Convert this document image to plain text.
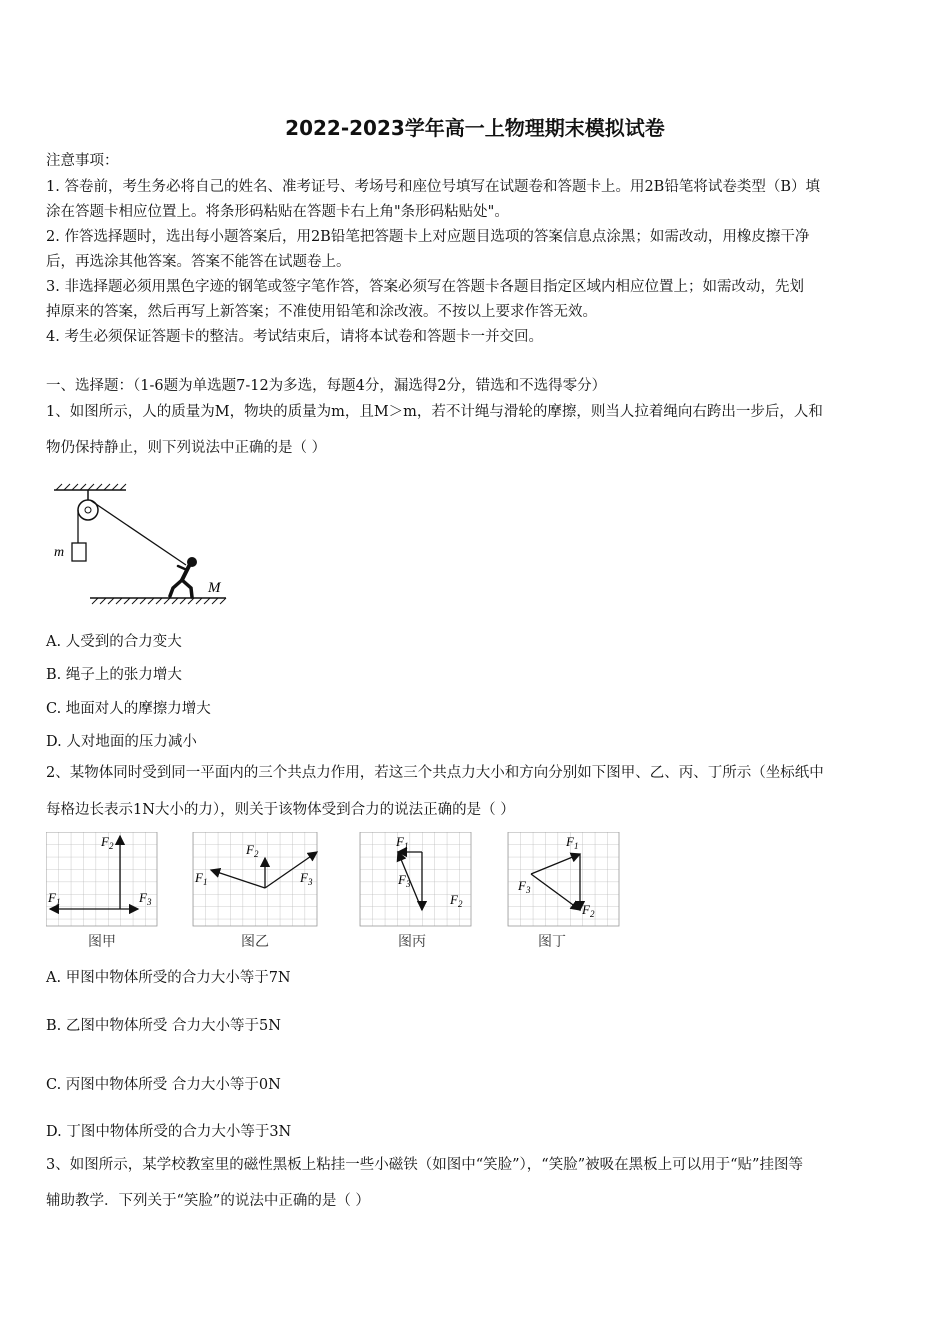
2022-2023学年高一上物理期末模拟试卷
注意事项：
1. 答卷前，考生务必将自己的姓名、准考证号、考场号和座位号填写在试题卷和答题卡上。用2B铅笔将试卷类型（B）填
涂在答题卡相应位置上。将条形码粘贴在答题卡右上角"条形码粘贴处"。
2. 作答选择题时，选出每小题答案后，用2B铅笔把答题卡上对应题目选项的答案信息点涂黑；如需改动，用橡皮擦干净
后，再选涂其他答案。答案不能答在试题卷上。
3. 非选择题必须用黑色字迹的钢笔或签字笔作答，答案必须写在答题卡各题目指定区域内相应位置上；如需改动，先划
掉原来的答案，然后再写上新答案；不准使用铅笔和涂改液。不按以上要求作答无效。
4. 考生必须保证答题卡的整洁。考试结束后，请将本试卷和答题卡一并交回。
一、选择题：（1-6题为单选题7-12为多选，每题4分，漏选得2分，错选和不选得零分）
1、如图所示，人的质量为M，物块的质量为m，且M＞m，若不计绳与滑轮的摩擦，则当人拉着绳向右跨出一步后，人和
物仍保持静止，则下列说法中正确的是（ ）
m
M
A. 人受到的合力变大
B. 绳子上的张力增大
C. 地面对人的摩擦力增大
D. 人对地面的压力减小
2、某物体同时受到同一平面内的三个共点力作用，若这三个共点力大小和方向分别如下图甲、乙、丙、丁所示（坐标纸中
每格边长表示1N大小的力），则关于该物体受到合力的说法正确的是（ ）
$F_2$
$F_1$	$F_3$
$F_1$
$F_2$
$F_3$
$F_1$
$F_3$
$F_2$
$F_1$
$F_3$
$F_2$
图甲	图乙	图丙	图丁
A. 甲图中物体所受的合力大小等于7N
B. 乙图中物体所受 合力大小等于5N
C. 丙图中物体所受 合力大小等于0N
D. 丁图中物体所受的合力大小等于3N
3、如图所示，某学校教室里的磁性黑板上粘挂一些小磁铁（如图中“笑脸”），“笑脸”被吸在黑板上可以用于“贴”挂图等
辅助教学．下列关于“笑脸”的说法中正确的是（ ）
